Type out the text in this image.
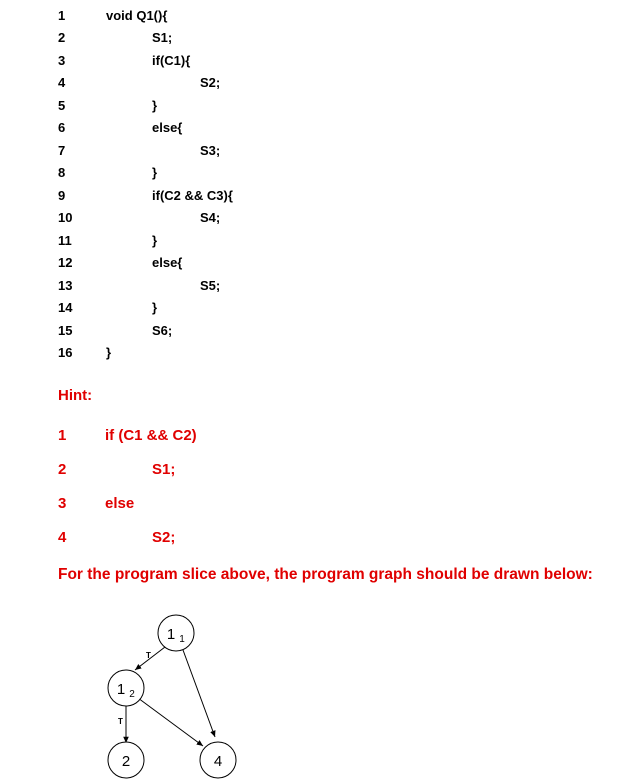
1
2
3
4
5
6
7
8
9
10
11
12
13
14
15
16
void Q1(){
S1;
if(C1){
S2;
}
else{
S3;
}
if(C2 && C3){
S4;
}
else{
S5;
}
S6;
}
Hint:
1
2
3
4
if (C1 && C2)
S1;
else
S2;
For the program slice above, the program graph should be drawn below:
T
T
1 1
1 2
2	4
